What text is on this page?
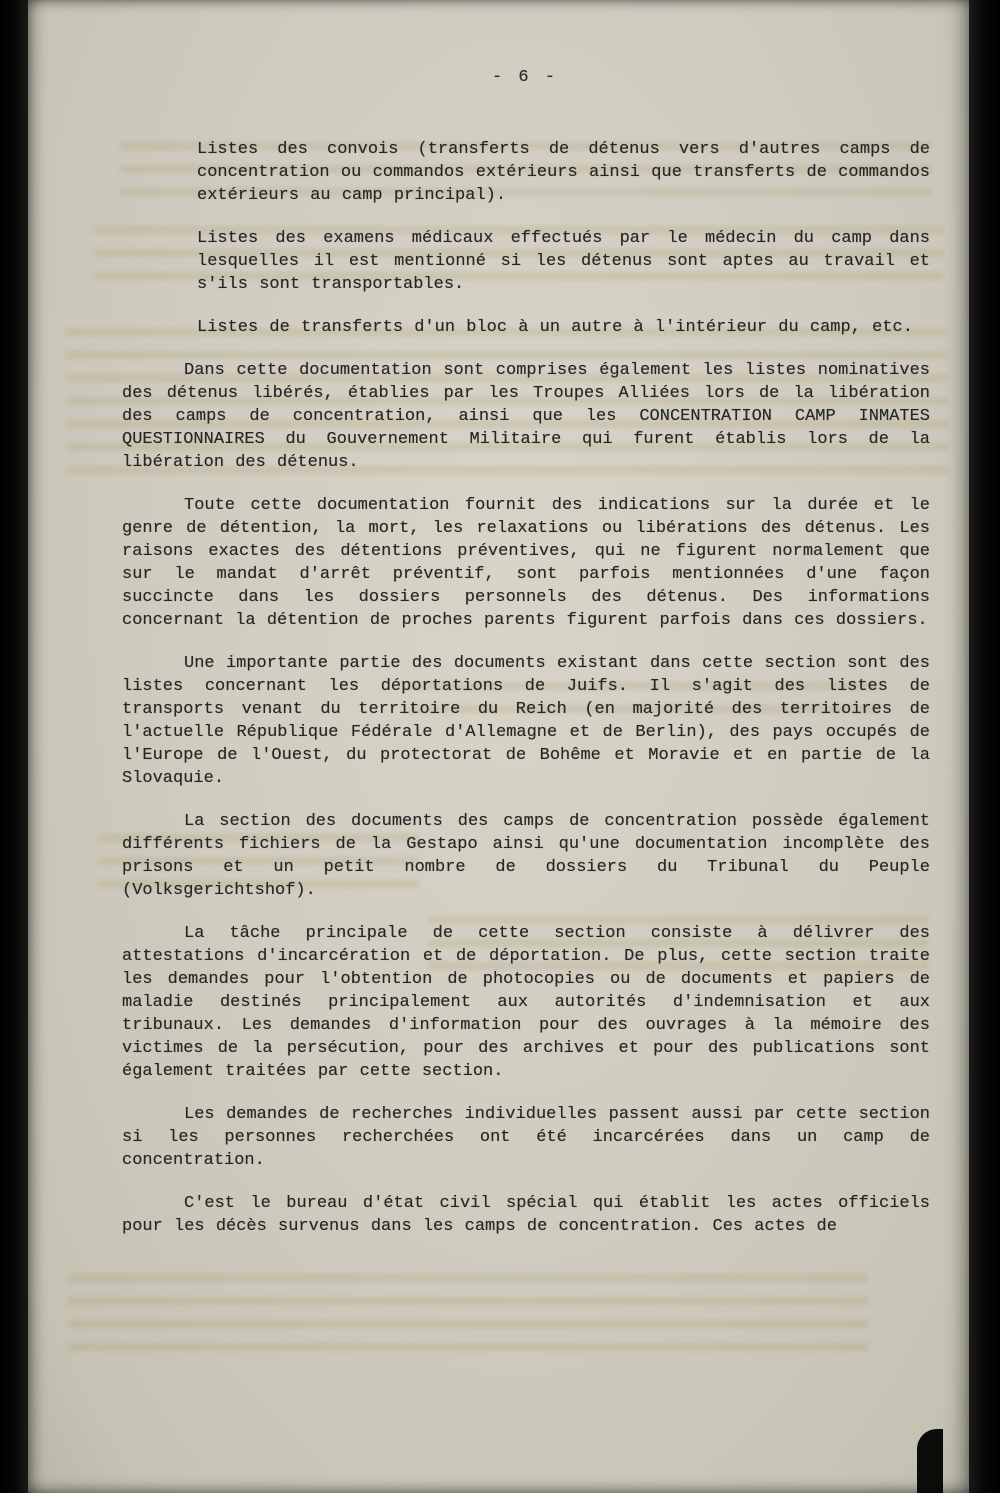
- 6 -

Listes des convois (transferts de détenus vers d'autres camps de concentration ou commandos extérieurs ainsi que transferts de commandos extérieurs au camp principal).

Listes des examens médicaux effectués par le médecin du camp dans lesquelles il est mentionné si les détenus sont aptes au travail et s'ils sont transportables.

Listes de transferts d'un bloc à un autre à l'intérieur du camp, etc.

Dans cette documentation sont comprises également les listes nominatives des détenus libérés, établies par les Troupes Alliées lors de la libération des camps de concentration, ainsi que les CONCENTRATION CAMP INMATES QUESTIONNAIRES du Gouvernement Militaire qui furent établis lors de la libération des détenus.

Toute cette documentation fournit des indications sur la durée et le genre de détention, la mort, les relaxations ou libérations des détenus. Les raisons exactes des détentions préventives, qui ne figurent normalement que sur le mandat d'arrêt préventif, sont parfois mentionnées d'une façon succincte dans les dossiers personnels des détenus. Des informations concernant la détention de proches parents figurent parfois dans ces dossiers.

Une importante partie des documents existant dans cette section sont des listes concernant les déportations de Juifs. Il s'agit des listes de transports venant du territoire du Reich (en majorité des territoires de l'actuelle République Fédérale d'Allemagne et de Berlin), des pays occupés de l'Europe de l'Ouest, du protectorat de Bohême et Moravie et en partie de la Slovaquie.

La section des documents des camps de concentration possède également différents fichiers de la Gestapo ainsi qu'une documentation incomplète des prisons et un petit nombre de dossiers du Tribunal du Peuple (Volksgerichtshof).

La tâche principale de cette section consiste à délivrer des attestations d'incarcération et de déportation. De plus, cette section traite les demandes pour l'obtention de photocopies ou de documents et papiers de maladie destinés principalement aux autorités d'indemnisation et aux tribunaux. Les demandes d'information pour des ouvrages à la mémoire des victimes de la persécution, pour des archives et pour des publications sont également traitées par cette section.

Les demandes de recherches individuelles passent aussi par cette section si les personnes recherchées ont été incarcérées dans un camp de concentration.

C'est le bureau d'état civil spécial qui établit les actes officiels pour les décès survenus dans les camps de concentration. Ces actes de
